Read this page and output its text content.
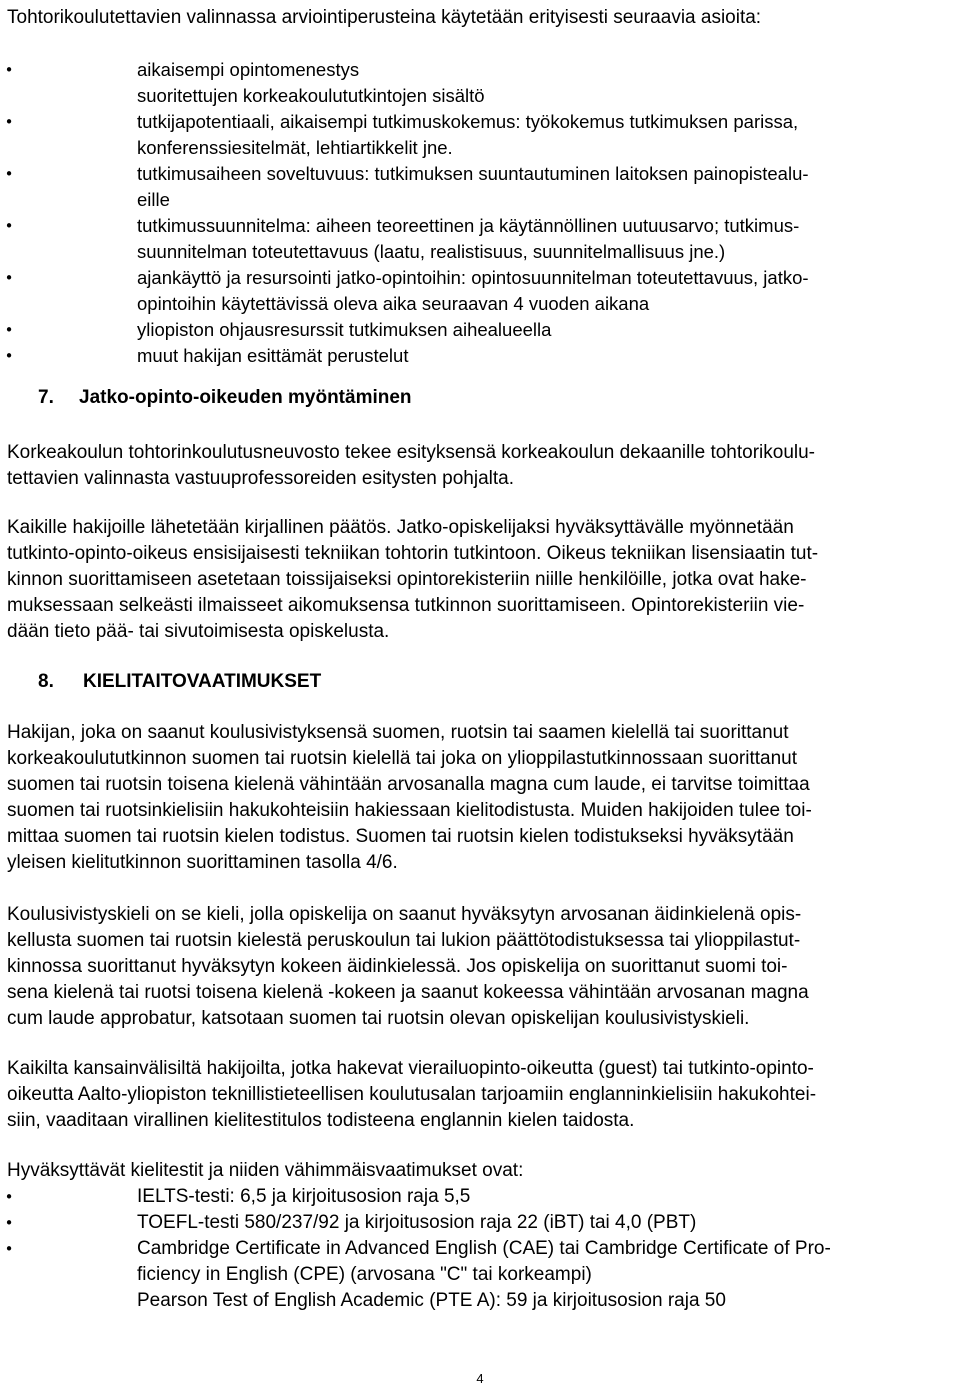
Tohtorikoulutettavien valinnassa arviointiperusteina käytetään erityisesti seuraavia asioita:

•	aikaisempi opintomenestys
suoritettujen korkeakoulututkintojen sisältö
•	tutkijapotentiaali, aikaisempi tutkimuskokemus: työkokemus tutkimuksen parissa,
konferenssiesitelmät, lehtiartikkelit jne.
•	tutkimusaiheen soveltuvuus: tutkimuksen suuntautuminen laitoksen painopistealu-
eille
•	tutkimussuunnitelma: aiheen teoreettinen ja käytännöllinen uutuusarvo; tutkimus-
suunnitelman toteutettavuus (laatu, realistisuus, suunnitelmallisuus jne.)
•	ajankäyttö ja resursointi jatko-opintoihin: opintosuunnitelman toteutettavuus, jatko-
opintoihin käytettävissä oleva aika seuraavan 4 vuoden aikana
•	yliopiston ohjausresurssit tutkimuksen aihealueella
•	muut hakijan esittämät perustelut
7. Jatko-opinto-oikeuden myöntäminen

Korkeakoulun tohtorinkoulutusneuvosto tekee esityksensä korkeakoulun dekaanille tohtorikoulu-
tettavien valinnasta vastuuprofessoreiden esitysten pohjalta.

Kaikille hakijoille lähetetään kirjallinen päätös. Jatko-opiskelijaksi hyväksyttävälle myönnetään
tutkinto-opinto-oikeus ensisijaisesti tekniikan tohtorin tutkintoon. Oikeus tekniikan lisensiaatin tut-
kinnon suorittamiseen asetetaan toissijaiseksi opintorekisteriin niille henkilöille, jotka ovat hake-
muksessaan selkeästi ilmaisseet aikomuksensa tutkinnon suorittamiseen. Opintorekisteriin vie-
dään tieto pää- tai sivutoimisesta opiskelusta.

8. KIELITAITOVAATIMUKSET

Hakijan, joka on saanut koulusivistyksensä suomen, ruotsin tai saamen kielellä tai suorittanut
korkeakoulututkinnon suomen tai ruotsin kielellä tai joka on ylioppilastutkinnossaan suorittanut
suomen tai ruotsin toisena kielenä vähintään arvosanalla magna cum laude, ei tarvitse toimittaa
suomen tai ruotsinkielisiin hakukohteisiin hakiessaan kielitodistusta. Muiden hakijoiden tulee toi-
mittaa suomen tai ruotsin kielen todistus. Suomen tai ruotsin kielen todistukseksi hyväksytään
yleisen kielitutkinnon suorittaminen tasolla 4/6.

Koulusivistyskieli on se kieli, jolla opiskelija on saanut hyväksytyn arvosanan äidinkielenä opis-
kellusta suomen tai ruotsin kielestä peruskoulun tai lukion päättötodistuksessa tai ylioppilastut-
kinnossa suorittanut hyväksytyn kokeen äidinkielessä. Jos opiskelija on suorittanut suomi toi-
sena kielenä tai ruotsi toisena kielenä -kokeen ja saanut kokeessa vähintään arvosanan magna
cum laude approbatur, katsotaan suomen tai ruotsin olevan opiskelijan koulusivistyskieli.

Kaikilta kansainvälisiltä hakijoilta, jotka hakevat vierailuopinto-oikeutta (guest) tai tutkinto-opinto-
oikeutta Aalto-yliopiston teknillistieteellisen koulutusalan tarjoamiin englanninkielisiin hakukohtei-
siin, vaaditaan virallinen kielitestitulos todisteena englannin kielen taidosta.

Hyväksyttävät kielitestit ja niiden vähimmäisvaatimukset ovat:

•	IELTS-testi: 6,5 ja kirjoitusosion raja 5,5
•	TOEFL-testi 580/237/92 ja kirjoitusosion raja 22 (iBT) tai 4,0 (PBT)
•	Cambridge Certificate in Advanced English (CAE) tai Cambridge Certificate of Pro-
ficiency in English (CPE) (arvosana "C" tai korkeampi)
Pearson Test of English Academic (PTE A): 59 ja kirjoitusosion raja 50
4
